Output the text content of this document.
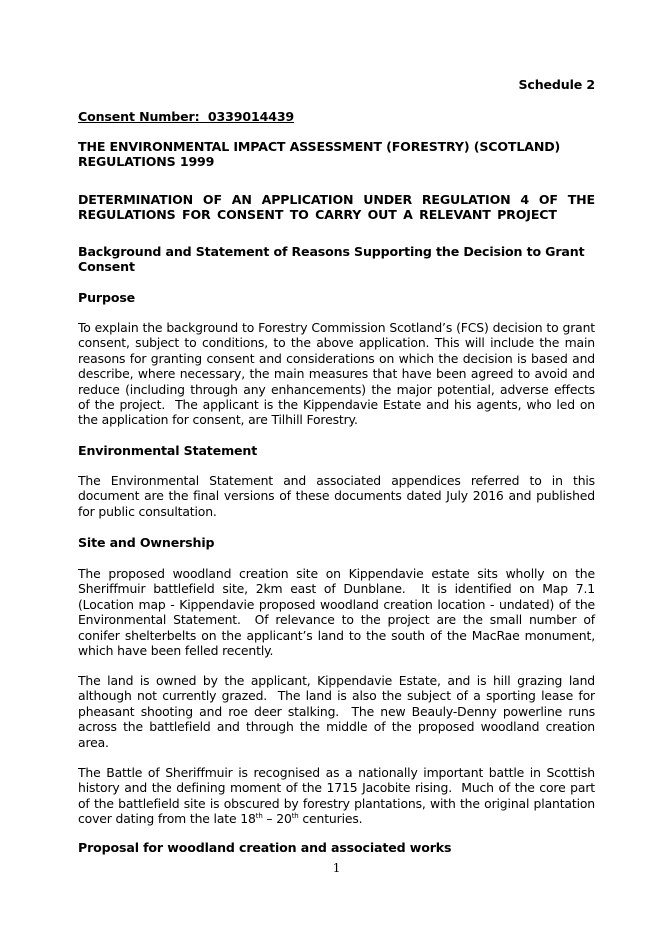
Schedule 2
Consent Number:  0339014439

THE ENVIRONMENTAL IMPACT ASSESSMENT (FORESTRY) (SCOTLAND) REGULATIONS 1999

DETERMINATION OF AN APPLICATION UNDER REGULATION 4 OF THE REGULATIONS FOR CONSENT TO CARRY OUT A RELEVANT PROJECT

Background and Statement of Reasons Supporting the Decision to Grant Consent

Purpose

To explain the background to Forestry Commission Scotland’s (FCS) decision to grant consent, subject to conditions, to the above application. This will include the main reasons for granting consent and considerations on which the decision is based and describe, where necessary, the main measures that have been agreed to avoid and reduce (including through any enhancements) the major potential, adverse effects of the project.  The applicant is the Kippendavie Estate and his agents, who led on the application for consent, are Tilhill Forestry.

Environmental Statement

The Environmental Statement and associated appendices referred to in this document are the final versions of these documents dated July 2016 and published for public consultation.

Site and Ownership

The proposed woodland creation site on Kippendavie estate sits wholly on the Sheriffmuir battlefield site, 2km east of Dunblane.  It is identified on Map 7.1 (Location map - Kippendavie proposed woodland creation location - undated) of the Environmental Statement.  Of relevance to the project are the small number of conifer shelterbelts on the applicant’s land to the south of the MacRae monument, which have been felled recently.

The land is owned by the applicant, Kippendavie Estate, and is hill grazing land although not currently grazed.  The land is also the subject of a sporting lease for pheasant shooting and roe deer stalking.  The new Beauly-Denny powerline runs across the battlefield and through the middle of the proposed woodland creation area.

The Battle of Sheriffmuir is recognised as a nationally important battle in Scottish history and the defining moment of the 1715 Jacobite rising.  Much of the core part of the battlefield site is obscured by forestry plantations, with the original plantation cover dating from the late 18th – 20th centuries.

Proposal for woodland creation and associated works

1
